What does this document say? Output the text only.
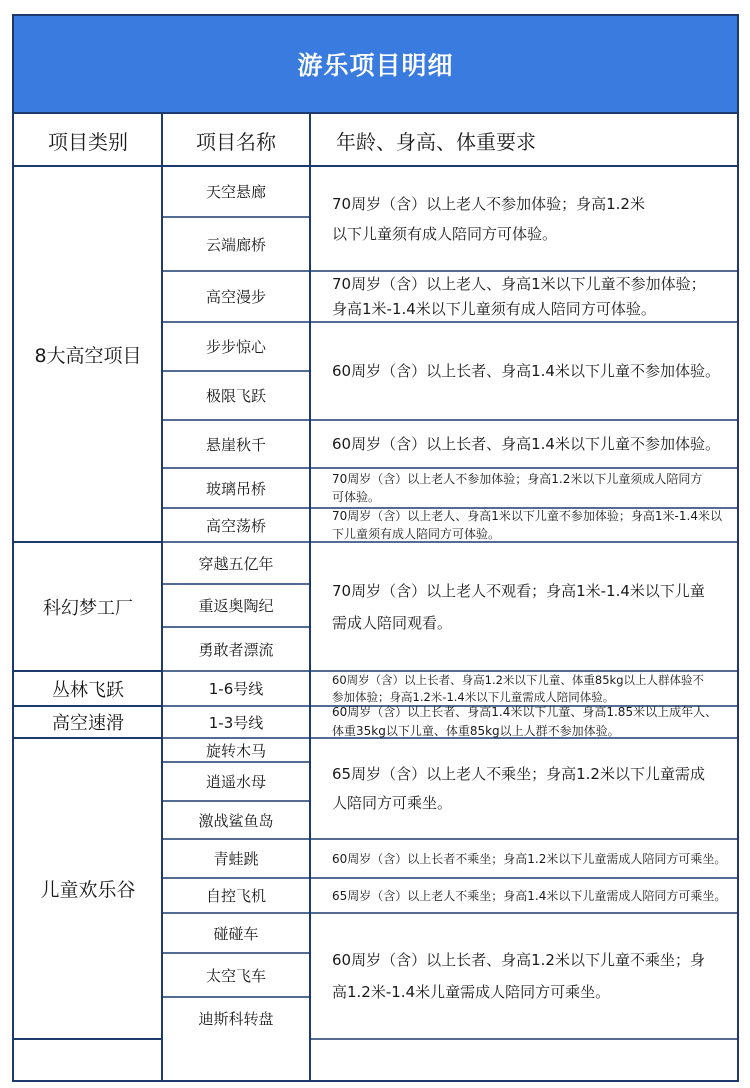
游乐项目明细
项目类别	项目名称	年龄、身高、体重要求
天空悬廊
云端廊桥
高空漫步
步步惊心
极限飞跃
悬崖秋千
玻璃吊桥
高空荡桥
穿越五亿年
重返奥陶纪
勇敢者漂流
1-6号线
1-3号线
旋转木马
逍遥水母
激战鲨鱼岛
青蛙跳
自控飞机
碰碰车
太空飞车
迪斯科转盘
8大高空项目
科幻梦工厂
丛林飞跃
高空速滑
儿童欢乐谷
70周岁（含）以上老人不参加体验；身高1.2米
以下儿童须有成人陪同方可体验。
70周岁（含）以上老人、身高1米以下儿童不参加体验；
身高1米-1.4米以下儿童须有成人陪同方可体验。
60周岁（含）以上长者、身高1.4米以下儿童不参加体验。
60周岁（含）以上长者、身高1.4米以下儿童不参加体验。
70周岁（含）以上老人不参加体验；身高1.2米以下儿童须成人陪同方
可体验。
70周岁（含）以上老人、身高1米以下儿童不参加体验；身高1米-1.4米以
下儿童须有成人陪同方可体验。
70周岁（含）以上老人不观看；身高1米-1.4米以下儿童
需成人陪同观看。
60周岁（含）以上长者、身高1.2米以下儿童、体重85kg以上人群体验不
参加体验；身高1.2米-1.4米以下儿童需成人陪同体验。
60周岁（含）以上长者、身高1.4米以下儿童、身高1.85米以上成年人、
体重35kg以下儿童、体重85kg以上人群不参加体验。
65周岁（含）以上老人不乘坐；身高1.2米以下儿童需成
人陪同方可乘坐。
60周岁（含）以上长者不乘坐；身高1.2米以下儿童需成人陪同方可乘坐。
65周岁（含）以上老人不乘坐；身高1.4米以下儿童需成人陪同方可乘坐。
60周岁（含）以上长者、身高1.2米以下儿童不乘坐；身
高1.2米-1.4米儿童需成人陪同方可乘坐。
